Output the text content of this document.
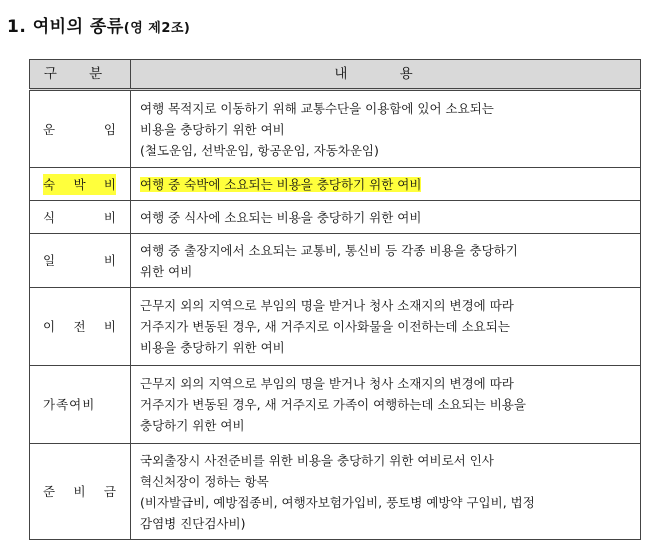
1. 여비의 종류(영 제2조)
구 분	내 용
운 임	여행 목적지로 이동하기 위해 교통수단을 이용함에 있어 소요되는
비용을 충당하기 위한 여비
(철도운임, 선박운임, 항공운임, 자동차운임)

숙 박 비	여행 중 숙박에 소요되는 비용을 충당하기 위한 여비
식 비	여행 중 식사에 소요되는 비용을 충당하기 위한 여비

일 비	여행 중 출장지에서 소요되는 교통비, 통신비 등 각종 비용을 충당하기
위한 여비

이 전 비	근무지 외의 지역으로 부임의 명을 받거나 청사 소재지의 변경에 따라
거주지가 변동된 경우, 새 거주지로 이사화물을 이전하는데 소요되는
비용을 충당하기 위한 여비

가족여비	근무지 외의 지역으로 부임의 명을 받거나 청사 소재지의 변경에 따라
거주지가 변동된 경우, 새 거주지로 가족이 여행하는데 소요되는 비용을
충당하기 위한 여비

준 비 금	국외출장시 사전준비를 위한 비용을 충당하기 위한 여비로서 인사
혁신처장이 정하는 항목
(비자발급비, 예방접종비, 여행자보험가입비, 풍토병 예방약 구입비, 법정
감염병 진단검사비)
